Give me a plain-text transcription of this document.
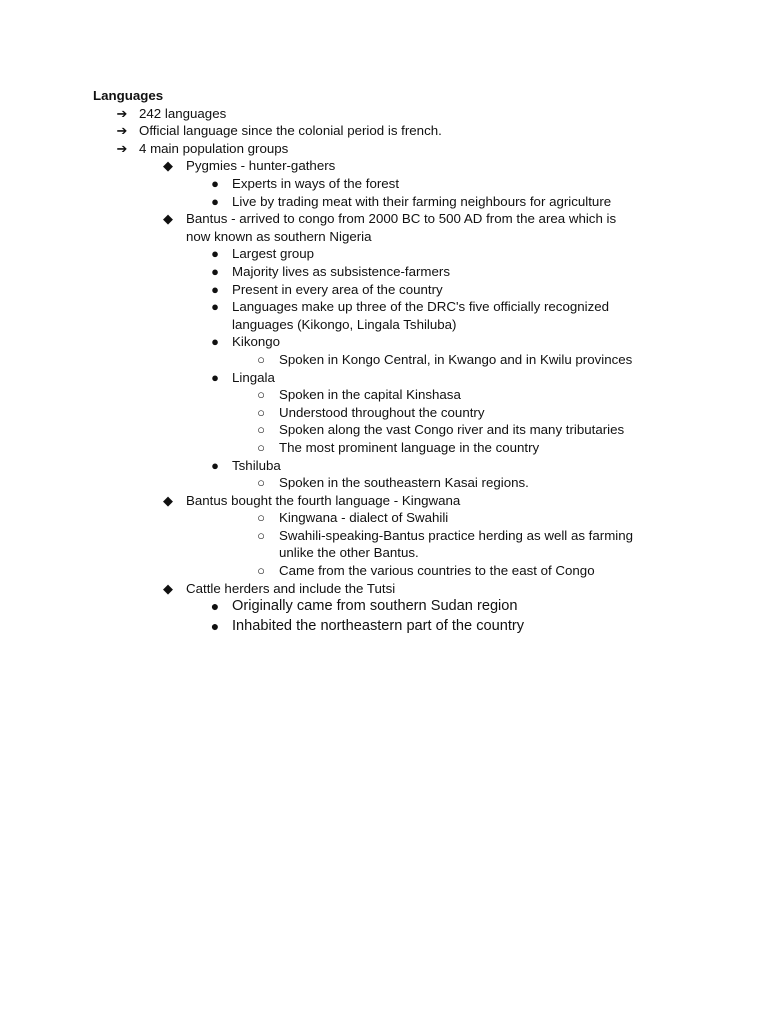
Languages
➔ 242 languages
➔ Official language since the colonial period is french.
➔ 4 main population groups
◆ Pygmies - hunter-gathers
● Experts in ways of the forest
● Live by trading meat with their farming neighbours for agriculture
◆ Bantus - arrived to congo from 2000 BC to 500 AD from the area which is
now known as southern Nigeria
● Largest group
● Majority lives as subsistence-farmers
● Present in every area of the country
● Languages make up three of the DRC's five officially recognized
languages (Kikongo, Lingala Tshiluba)
● Kikongo
○	Spoken in Kongo Central, in Kwango and in Kwilu provinces
● Lingala
○	Spoken in the capital Kinshasa
○	Understood throughout the country
○	Spoken along the vast Congo river and its many tributaries
○	The most prominent language in the country
● Tshiluba
○	Spoken in the southeastern Kasai regions.
◆ Bantus bought the fourth language - Kingwana
○	Kingwana - dialect of Swahili
○	Swahili-speaking-Bantus practice herding as well as farming
unlike the other Bantus.
○	Came from the various countries to the east of Congo
◆ Cattle herders and include the Tutsi
● Originally came from southern Sudan region
● Inhabited the northeastern part of the country
